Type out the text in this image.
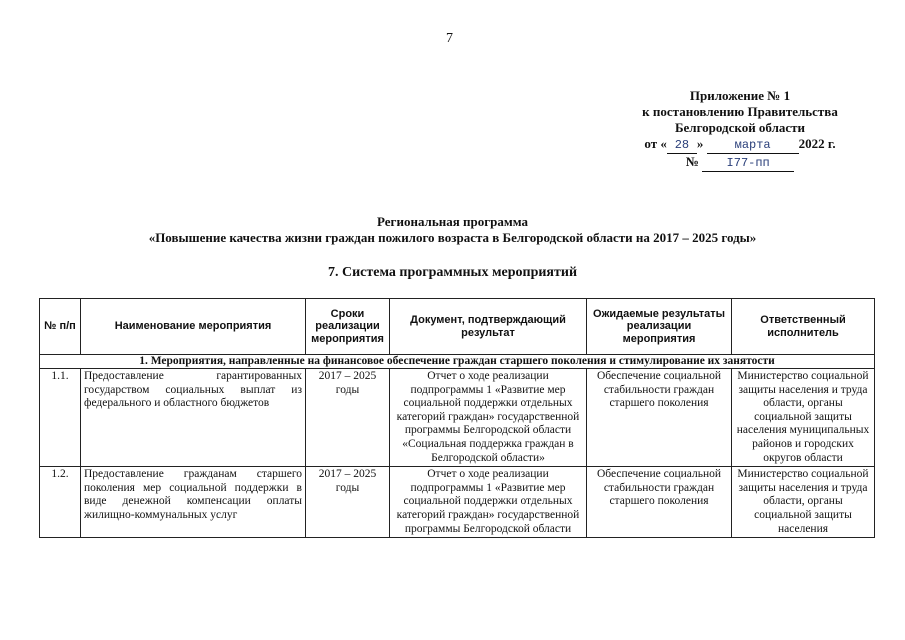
7
Приложение № 1
к постановлению Правительства
Белгородской области
от « 28 »	марта 2022 г.
№ I77-пп
Региональная программа
«Повышение качества жизни граждан пожилого возраста в Белгородской области на 2017 – 2025 годы»
7. Система программных мероприятий
№ п/п	Наименование мероприятия	Сроки реализации мероприятия	Документ, подтверждающий результат	Ожидаемые результаты реализации мероприятия	Ответственный исполнитель
1. Мероприятия, направленные на финансовое обеспечение граждан старшего поколения и стимулирование их занятости					
1.1.	Предоставление гарантированных государством социальных выплат из федерального и областного бюджетов	2017 – 2025 годы	Отчет о ходе реализации подпрограммы 1 «Развитие мер социальной поддержки отдельных категорий граждан» государственной программы Белгородской области «Социальная поддержка граждан в Белгородской области»	Обеспечение социальной стабильности граждан старшего поколения	Министерство социальной защиты населения и труда области, органы социальной защиты населения муниципальных районов и городских округов области
1.2.	Предоставление гражданам старшего поколения мер социальной поддержки в виде денежной компенсации оплаты жилищно-коммунальных услуг	2017 – 2025 годы	Отчет о ходе реализации подпрограммы 1 «Развитие мер социальной поддержки отдельных категорий граждан» государственной программы Белгородской области	Обеспечение социальной стабильности граждан старшего поколения	Министерство социальной защиты населения и труда области, органы социальной защиты населения
